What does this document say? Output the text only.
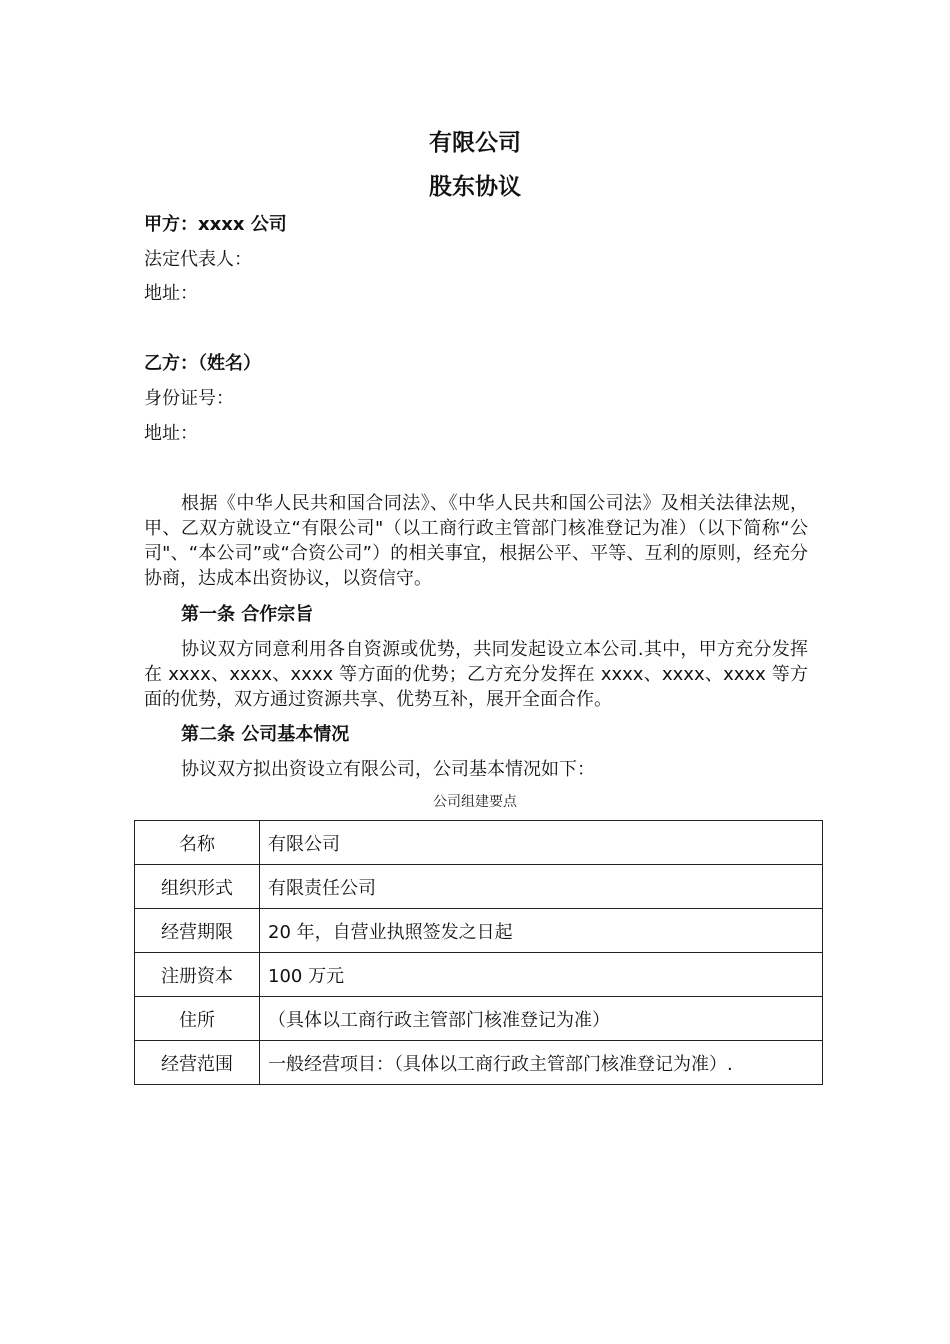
有限公司
股东协议
甲方：xxxx 公司
法定代表人：
地址：
乙方：（姓名）
身份证号：
地址：
根据《中华人民共和国合同法》、《中华人民共和国公司法》及相关法律法规，甲、乙双方就设立“有限公司"（以工商行政主管部门核准登记为准）（以下简称“公司"、“本公司”或“合资公司”）的相关事宜，根据公平、平等、互利的原则，经充分协商，达成本出资协议，以资信守。
第一条 合作宗旨
协议双方同意利用各自资源或优势，共同发起设立本公司.其中，甲方充分发挥在 xxxx、xxxx、xxxx 等方面的优势；乙方充分发挥在 xxxx、xxxx、xxxx 等方面的优势，双方通过资源共享、优势互补，展开全面合作。
第二条 公司基本情况
协议双方拟出资设立有限公司，公司基本情况如下：
公司组建要点
名称	有限公司
组织形式	有限责任公司
经营期限	20 年，自营业执照签发之日起
注册资本	100 万元
住所	（具体以工商行政主管部门核准登记为准）
经营范围	一般经营项目：（具体以工商行政主管部门核准登记为准）.
